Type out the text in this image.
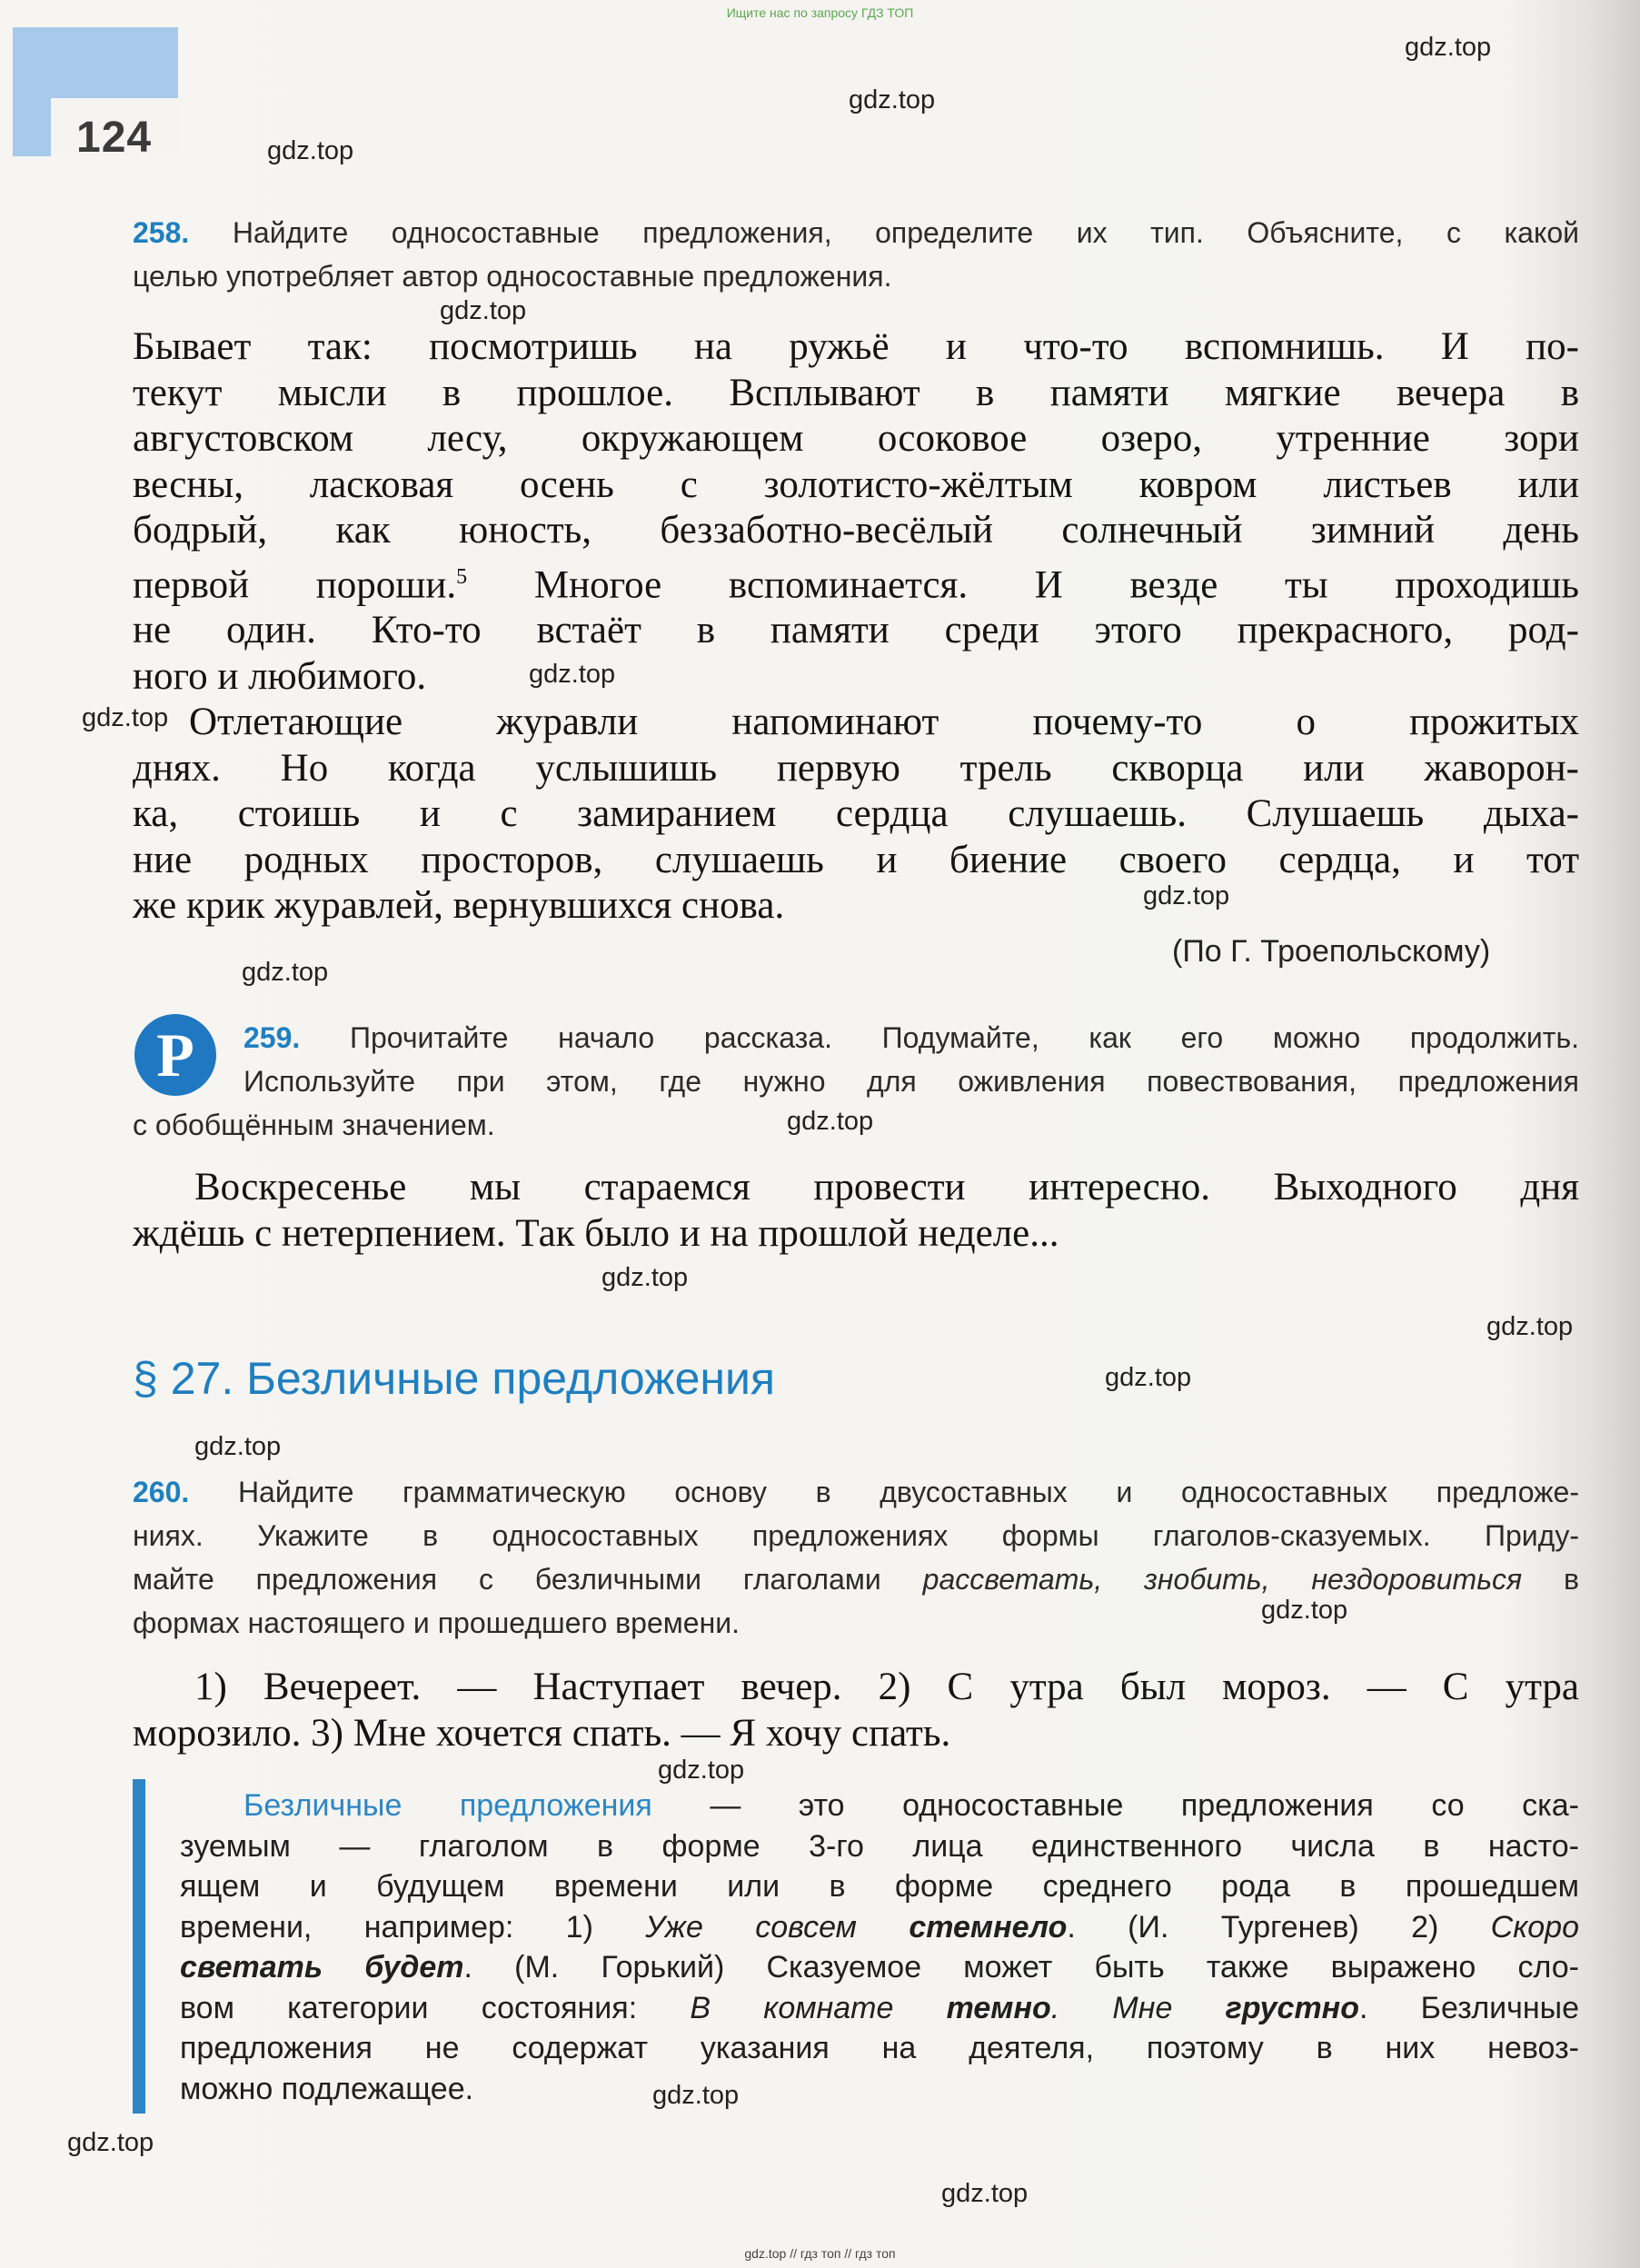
Ищите нас по запросу ГДЗ ТОП
124
gdz.top
gdz.top
gdz.top
gdz.top
gdz.top
gdz.top
gdz.top
gdz.top
gdz.top
gdz.top
gdz.top
gdz.top
gdz.top
gdz.top
gdz.top
gdz.top
gdz.top
gdz.top
258. Найдите односоставные предложения, определите их тип. Объясните, с какой
целью употребляет автор односоставные предложения.
Бывает так: посмотришь на ружьё и что-то вспомнишь. И по-
текут мысли в прошлое. Всплывают в памяти мягкие вечера в
августовском лесу, окружающем осоковое озеро, утренние зори
весны, ласковая осень с золотисто-жёлтым ковром листьев или
бодрый, как юность, беззаботно-весёлый солнечный зимний день
первой пороши.$^5$ Многое вспоминается. И везде ты проходишь
не один. Кто-то встаёт в памяти среди этого прекрасного, род-
ного и любимого.
Отлетающие журавли напоминают почему-то о прожитых
днях. Но когда услышишь первую трель скворца или жаворон-
ка, стоишь и с замиранием сердца слушаешь. Слушаешь дыха-
ние родных просторов, слушаешь и биение своего сердца, и тот
же крик журавлей, вернувшихся снова.
(По Г. Троепольскому)
Р	259. Прочитайте начало рассказа. Подумайте, как его можно продолжить.
Используйте при этом, где нужно для оживления повествования, предложения
с обобщённым значением.
Воскресенье мы стараемся провести интересно. Выходного дня
ждёшь с нетерпением. Так было и на прошлой неделе...
§ 27. Безличные предложения
260. Найдите грамматическую основу в двусоставных и односоставных предложе-
ниях. Укажите в односоставных предложениях формы глаголов-сказуемых. Приду-
майте предложения с безличными глаголами рассветать, знобить, нездоровиться в
формах настоящего и прошедшего времени.
1) Вечереет. — Наступает вечер. 2) С утра был мороз. — С утра
морозило. 3) Мне хочется спать. — Я хочу спать.
Безличные предложения — это односоставные предложения со ска-
зуемым — глаголом в форме 3-го лица единственного числа в насто-
ящем и будущем времени или в форме среднего рода в прошедшем
времени, например: 1) Уже совсем стемнело. (И. Тургенев) 2) Скоро
светать будет. (М. Горький) Сказуемое может быть также выражено сло-
вом категории состояния: В комнате темно. Мне грустно. Безличные
предложения не содержат указания на деятеля, поэтому в них невоз-
можно подлежащее.
gdz.top // гдз топ // гдз топ
